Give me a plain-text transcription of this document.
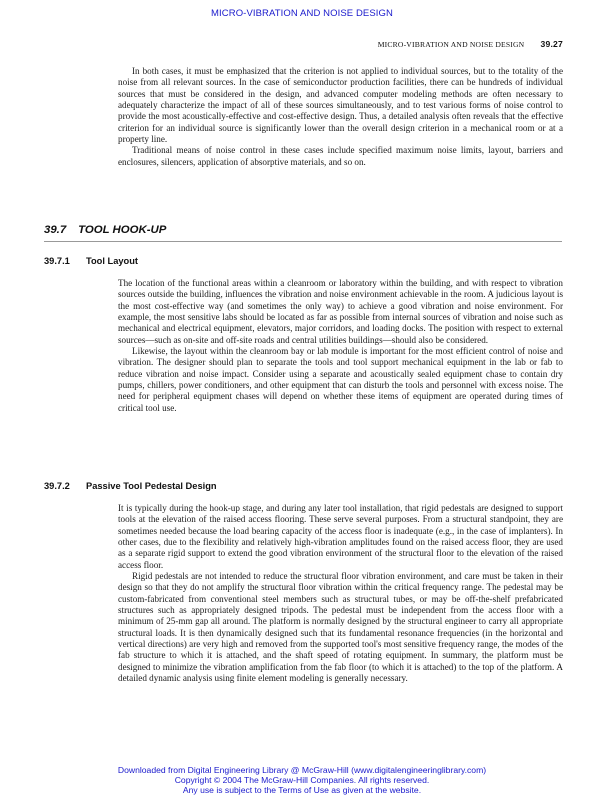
MICRO-VIBRATION AND NOISE DESIGN
MICRO-VIBRATION AND NOISE DESIGN 39.27

In both cases, it must be emphasized that the criterion is not applied to individual sources, but to the totality of the noise from all relevant sources. In the case of semiconductor production facilities, there can be hundreds of individual sources that must be considered in the design, and advanced computer modeling methods are often necessary to adequately characterize the impact of all of these sources simultaneously, and to test various forms of noise control to provide the most acoustically-effective and cost-effective design. Thus, a detailed analysis often reveals that the effective criterion for an individual source is significantly lower than the overall design criterion in a mechanical room or at a property line.

Traditional means of noise control in these cases include specified maximum noise limits, layout, barriers and enclosures, silencers, application of absorptive materials, and so on.

39.7 TOOL HOOK-UP
39.7.1 Tool Layout

The location of the functional areas within a cleanroom or laboratory within the building, and with respect to vibration sources outside the building, influences the vibration and noise environment achievable in the room. A judicious layout is the most cost-effective way (and sometimes the only way) to achieve a good vibration and noise environment. For example, the most sensitive labs should be located as far as possible from internal sources of vibration and noise such as mechanical and electrical equipment, elevators, major corridors, and loading docks. The position with respect to external sources—such as on-site and off-site roads and central utilities buildings—should also be considered.

Likewise, the layout within the cleanroom bay or lab module is important for the most efficient control of noise and vibration. The designer should plan to separate the tools and tool support mechanical equipment in the lab or fab to reduce vibration and noise impact. Consider using a separate and acoustically sealed equipment chase to contain dry pumps, chillers, power conditioners, and other equipment that can disturb the tools and personnel with excess noise. The need for peripheral equipment chases will depend on whether these items of equipment are operated during times of critical tool use.

39.7.2 Passive Tool Pedestal Design

It is typically during the hook-up stage, and during any later tool installation, that rigid pedestals are designed to support tools at the elevation of the raised access flooring. These serve several purposes. From a structural standpoint, they are sometimes needed because the load bearing capacity of the access floor is inadequate (e.g., in the case of implanters). In other cases, due to the flexibility and relatively high-vibration amplitudes found on the raised access floor, they are used as a separate rigid support to extend the good vibration environment of the structural floor to the elevation of the raised access floor.

Rigid pedestals are not intended to reduce the structural floor vibration environment, and care must be taken in their design so that they do not amplify the structural floor vibration within the critical frequency range. The pedestal may be custom-fabricated from conventional steel members such as structural tubes, or may be off-the-shelf prefabricated structures such as appropriately designed tripods. The pedestal must be independent from the access floor with a minimum of 25-mm gap all around. The platform is normally designed by the structural engineer to carry all appropriate structural loads. It is then dynamically designed such that its fundamental resonance frequencies (in the horizontal and vertical directions) are very high and removed from the supported tool's most sensitive frequency range, the modes of the fab structure to which it is attached, and the shaft speed of rotating equipment. In summary, the platform must be designed to minimize the vibration amplification from the fab floor (to which it is attached) to the top of the platform. A detailed dynamic analysis using finite element modeling is generally necessary.

Downloaded from Digital Engineering Library @ McGraw-Hill (www.digitalengineeringlibrary.com)
Copyright © 2004 The McGraw-Hill Companies. All rights reserved.
Any use is subject to the Terms of Use as given at the website.
